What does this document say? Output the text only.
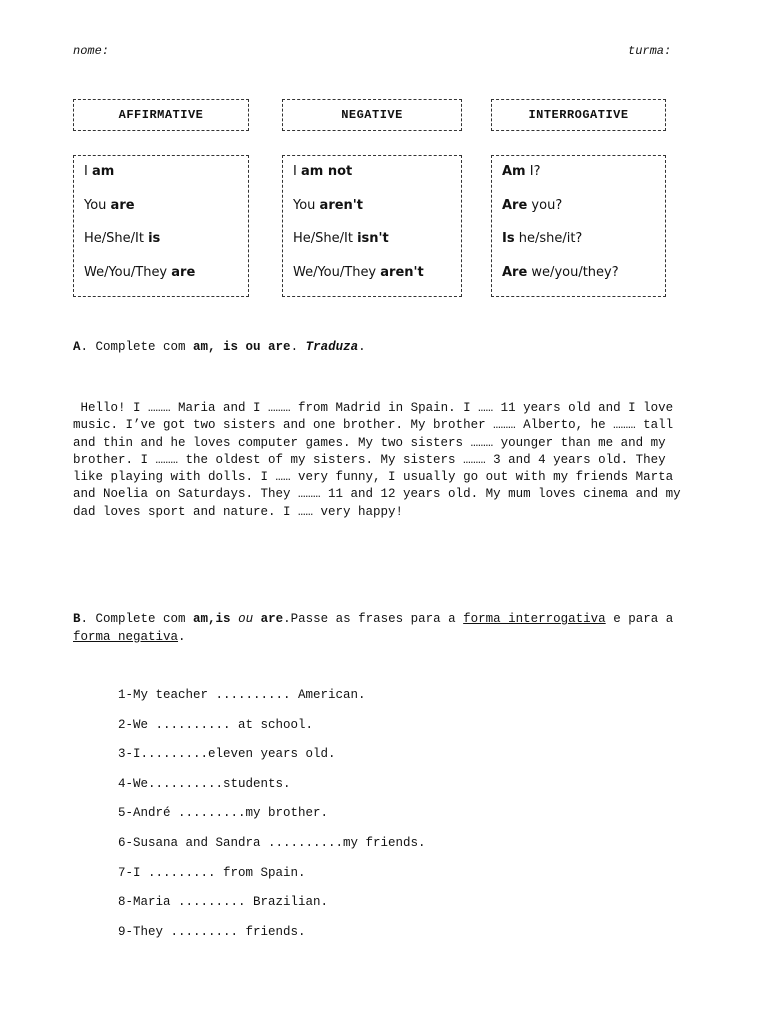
nome:	turma:
AFFIRMATIVE	NEGATIVE	INTERROGATIVE
I am
You are
He/She/It is
We/You/They are
I am not
You aren't
He/She/It isn't
We/You/They aren't
Am I?
Are you?
Is he/she/it?
Are we/you/they?
A. Complete com am, is ou are. Traduza.
Hello! I ……… Maria and I ……… from Madrid in Spain. I …… 11 years old and I love music. I’ve got two sisters and one brother. My brother ……… Alberto, he ……… tall and thin and he loves computer games. My two sisters ……… younger than me and my brother. I ……… the oldest of my sisters. My sisters ……… 3 and 4 years old. They like playing with dolls. I …… very funny, I usually go out with my friends Marta and Noelia on Saturdays. They ……… 11 and 12 years old. My mum loves cinema and my dad loves sport and nature. I …… very happy!
B. Complete com am,is ou are.Passe as frases para a forma interrogativa e para a forma negativa.
1-My teacher .......... American.
2-We .......... at school.
3-I.........eleven years old.
4-We..........students.
5-André .........my brother.
6-Susana and Sandra ..........my friends.
7-I ......... from Spain.
8-Maria ......... Brazilian.
9-They ......... friends.
